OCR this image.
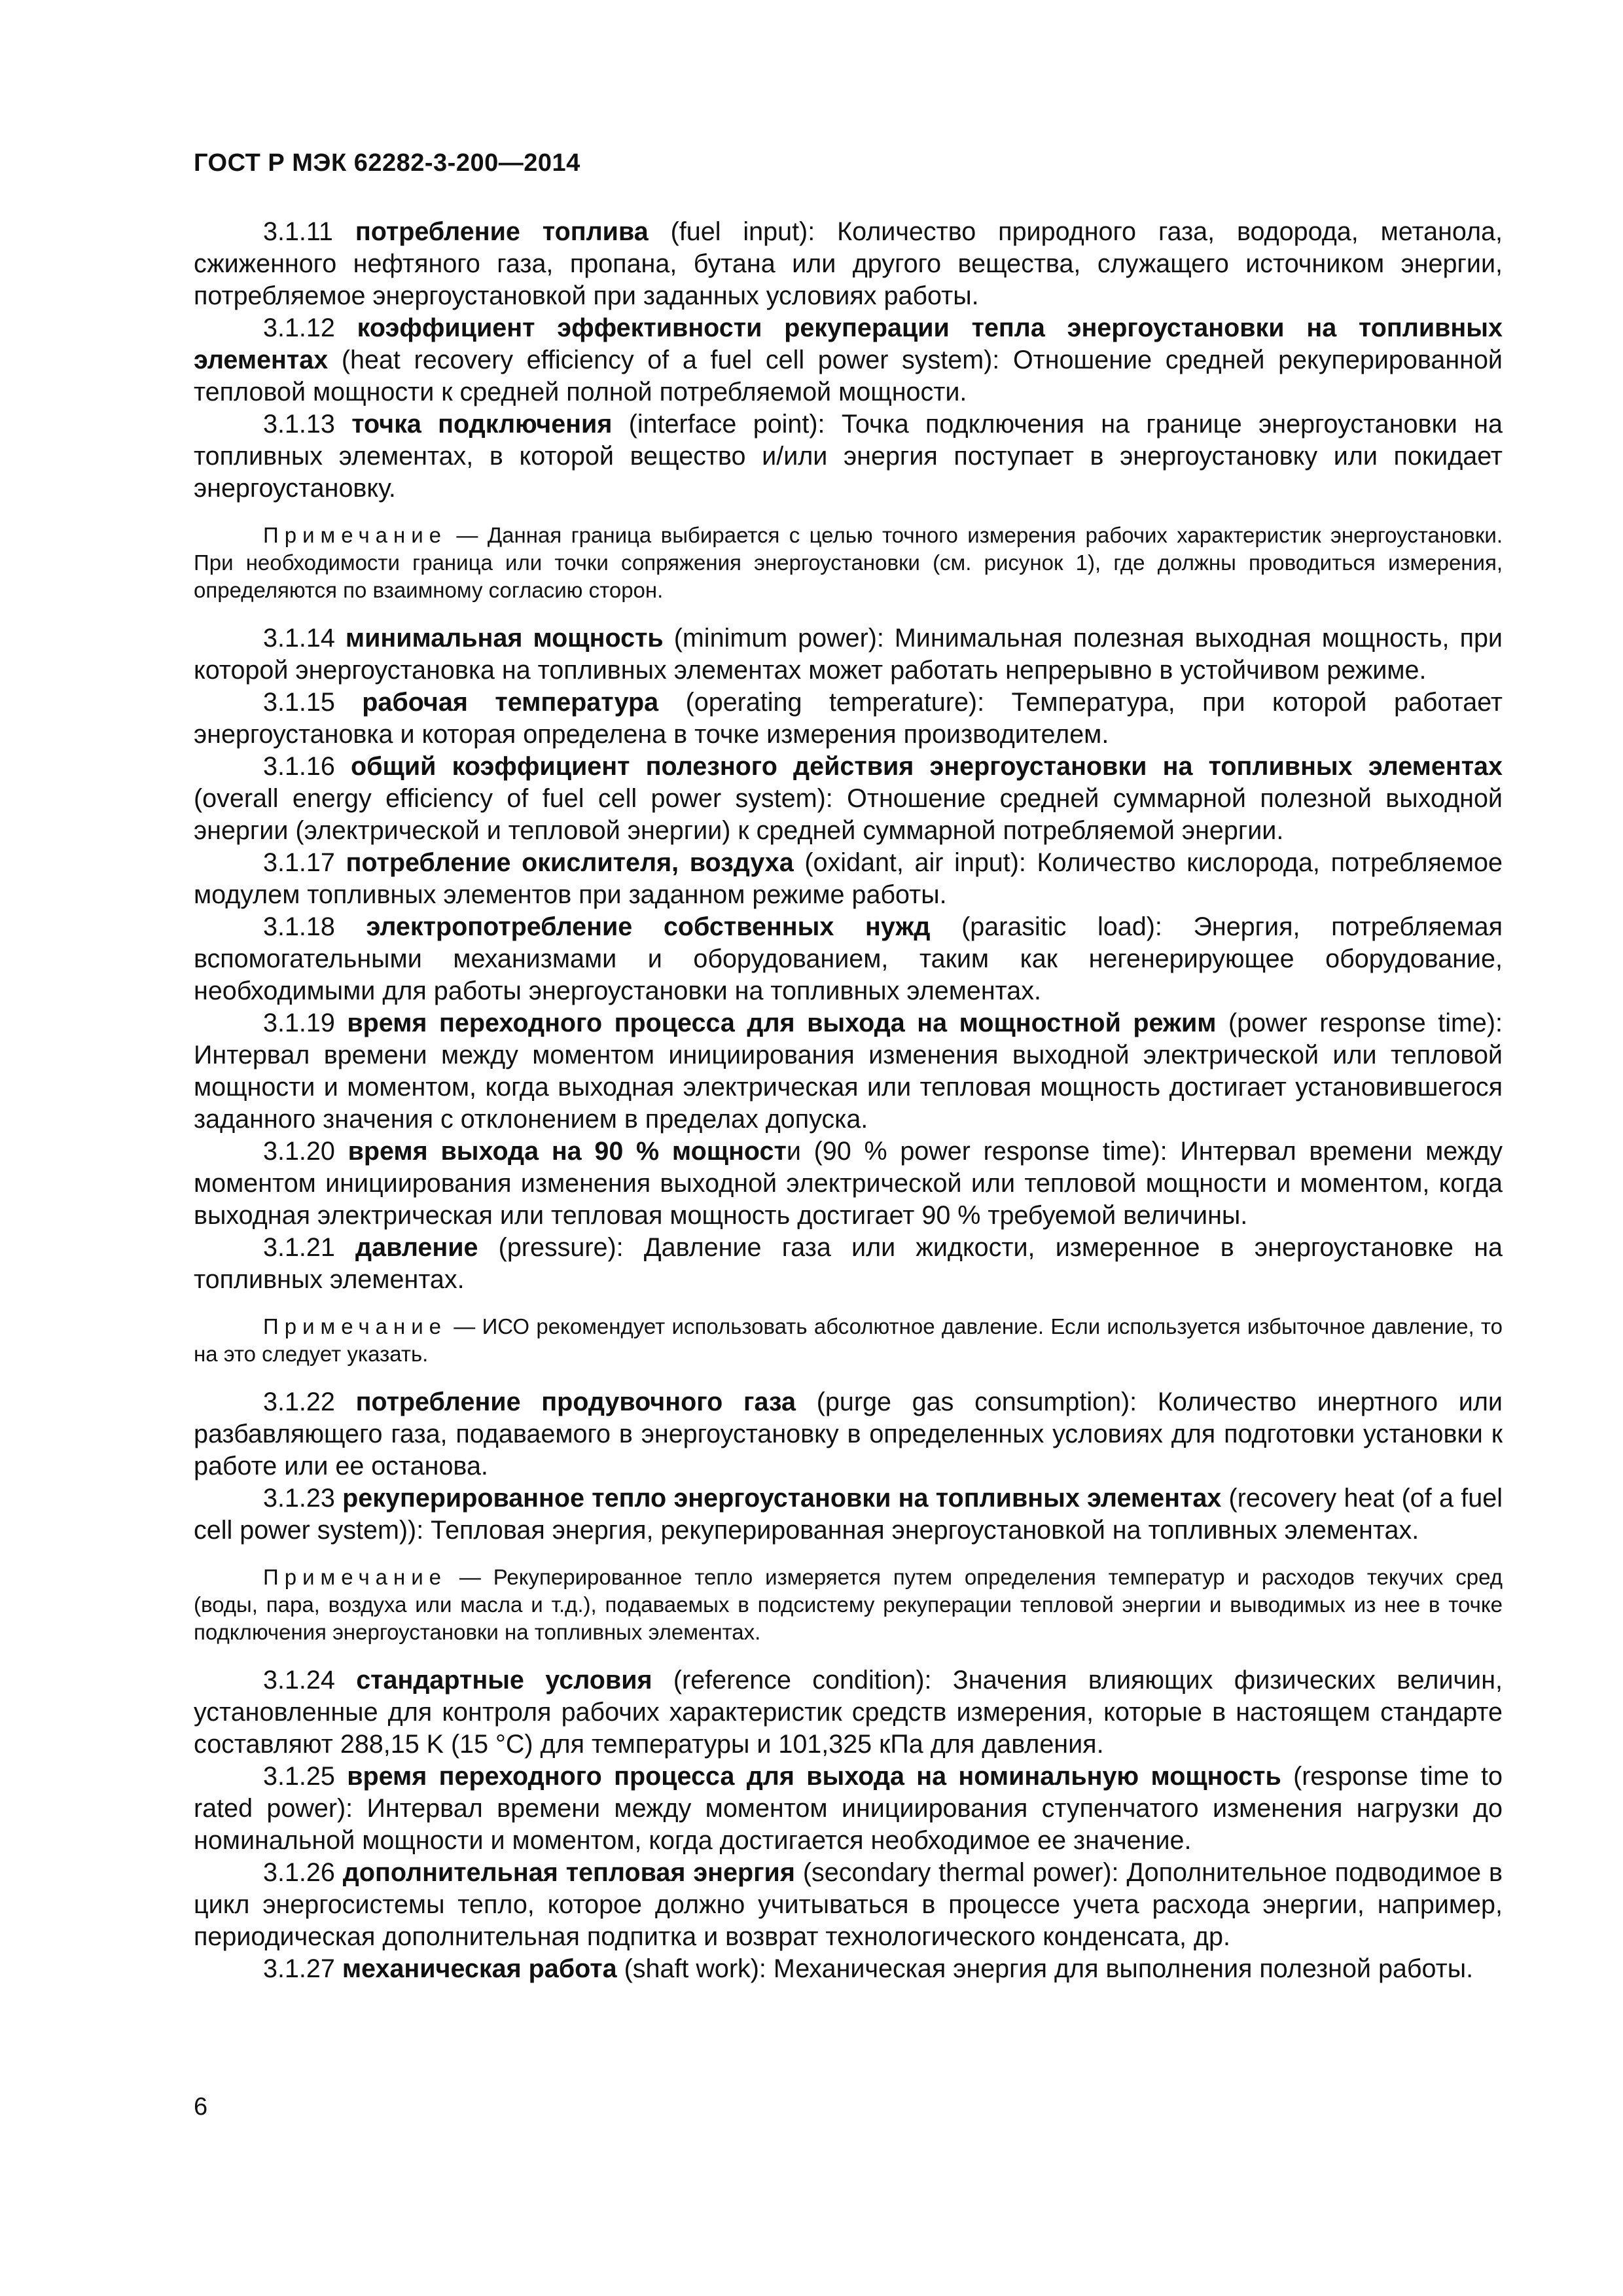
ГОСТ Р МЭК 62282-3-200—2014

3.1.11 потребление топлива (fuel input): Количество природного газа, водорода, метанола, сжиженного нефтяного газа, пропана, бутана или другого вещества, служащего источником энергии, потребляемое энергоустановкой при заданных условиях работы.

3.1.12 коэффициент эффективности рекуперации тепла энергоустановки на топливных элементах (heat recovery efficiency of a fuel cell power system): Отношение средней рекуперированной тепловой мощности к средней полной потребляемой мощности.

3.1.13 точка подключения (interface point): Точка подключения на границе энергоустановки на топливных элементах, в которой вещество и/или энергия поступает в энергоустановку или покидает энергоустановку.

Примечание — Данная граница выбирается с целью точного измерения рабочих характеристик энергоустановки. При необходимости граница или точки сопряжения энергоустановки (см. рисунок 1), где должны проводиться измерения, определяются по взаимному согласию сторон.

3.1.14 минимальная мощность (minimum power): Минимальная полезная выходная мощность, при которой энергоустановка на топливных элементах может работать непрерывно в устойчивом режиме.

3.1.15 рабочая температура (operating temperature): Температура, при которой работает энергоустановка и которая определена в точке измерения производителем.

3.1.16 общий коэффициент полезного действия энергоустановки на топливных элементах (overall energy efficiency of fuel cell power system): Отношение средней суммарной полезной выходной энергии (электрической и тепловой энергии) к средней суммарной потребляемой энергии.

3.1.17 потребление окислителя, воздуха (oxidant, air input): Количество кислорода, потребляемое модулем топливных элементов при заданном режиме работы.

3.1.18 электропотребление собственных нужд (parasitic load): Энергия, потребляемая вспомогательными механизмами и оборудованием, таким как негенерирующее оборудование, необходимыми для работы энергоустановки на топливных элементах.

3.1.19 время переходного процесса для выхода на мощностной режим (power response time): Интервал времени между моментом инициирования изменения выходной электрической или тепловой мощности и моментом, когда выходная электрическая или тепловая мощность достигает установившегося заданного значения с отклонением в пределах допуска.

3.1.20 время выхода на 90 % мощности (90 % power response time): Интервал времени между моментом инициирования изменения выходной электрической или тепловой мощности и моментом, когда выходная электрическая или тепловая мощность достигает 90 % требуемой величины.

3.1.21 давление (pressure): Давление газа или жидкости, измеренное в энергоустановке на топливных элементах.

Примечание — ИСО рекомендует использовать абсолютное давление. Если используется избыточное давление, то на это следует указать.

3.1.22 потребление продувочного газа (purge gas consumption): Количество инертного или разбавляющего газа, подаваемого в энергоустановку в определенных условиях для подготовки установки к работе или ее останова.

3.1.23 рекуперированное тепло энергоустановки на топливных элементах (recovery heat (of a fuel cell power system)): Тепловая энергия, рекуперированная энергоустановкой на топливных элементах.

Примечание — Рекуперированное тепло измеряется путем определения температур и расходов текучих сред (воды, пара, воздуха или масла и т.д.), подаваемых в подсистему рекуперации тепловой энергии и выводимых из нее в точке подключения энергоустановки на топливных элементах.

3.1.24 стандартные условия (reference condition): Значения влияющих физических величин, установленные для контроля рабочих характеристик средств измерения, которые в настоящем стандарте составляют 288,15 K (15 °C) для температуры и 101,325 кПа для давления.

3.1.25 время переходного процесса для выхода на номинальную мощность (response time to rated power): Интервал времени между моментом инициирования ступенчатого изменения нагрузки до номинальной мощности и моментом, когда достигается необходимое ее значение.

3.1.26 дополнительная тепловая энергия (secondary thermal power): Дополнительное подводимое в цикл энергосистемы тепло, которое должно учитываться в процессе учета расхода энергии, например, периодическая дополнительная подпитка и возврат технологического конденсата, др.

3.1.27 механическая работа (shaft work): Механическая энергия для выполнения полезной работы.

6
